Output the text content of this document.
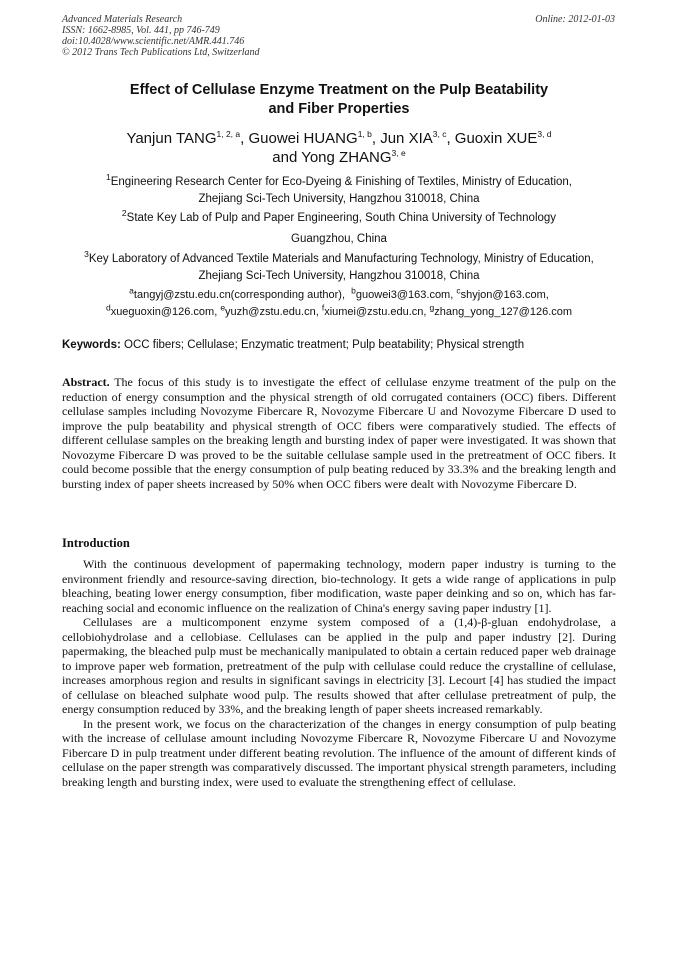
Advanced Materials Research
ISSN: 1662-8985, Vol. 441, pp 746-749
doi:10.4028/www.scientific.net/AMR.441.746
© 2012 Trans Tech Publications Ltd, Switzerland
Online: 2012-01-03
Effect of Cellulase Enzyme Treatment on the Pulp Beatability
and Fiber Properties
Yanjun TANG$^{1, 2, a}$, Guowei HUANG$^{1, b}$, Jun XIA$^{3, c}$, Guoxin XUE$^{3, d}$
and Yong ZHANG$^{3, e}$
$^1$Engineering Research Center for Eco-Dyeing & Finishing of Textiles, Ministry of Education,
Zhejiang Sci-Tech University, Hangzhou 310018, China
$^2$State Key Lab of Pulp and Paper Engineering, South China University of Technology
Guangzhou, China
$^3$Key Laboratory of Advanced Textile Materials and Manufacturing Technology, Ministry of Education,
Zhejiang Sci-Tech University, Hangzhou 310018, China
$^a$tangyj@zstu.edu.cn(corresponding author), $^b$guowei3@163.com, $^c$shyjon@163.com,
$^d$xueguoxin@126.com, $^e$yuzh@zstu.edu.cn, $^f$xiumei@zstu.edu.cn, $^g$zhang_yong_127@126.com
Keywords: OCC fibers; Cellulase; Enzymatic treatment; Pulp beatability; Physical strength

Abstract. The focus of this study is to investigate the effect of cellulase enzyme treatment of the pulp on the reduction of energy consumption and the physical strength of old corrugated containers (OCC) fibers. Different cellulase samples including Novozyme Fibercare R, Novozyme Fibercare U and Novozyme Fibercare D used to improve the pulp beatability and physical strength of OCC fibers were comparatively studied. The effects of different cellulase samples on the breaking length and bursting index of paper were investigated. It was shown that Novozyme Fibercare D was proved to be the suitable cellulase sample used in the pretreatment of OCC fibers. It could become possible that the energy consumption of pulp beating reduced by 33.3% and the breaking length and bursting index of paper sheets increased by 50% when OCC fibers were dealt with Novozyme Fibercare D.

Introduction

With the continuous development of papermaking technology, modern paper industry is turning to the environment friendly and resource-saving direction, bio-technology. It gets a wide range of applications in pulp bleaching, beating lower energy consumption, fiber modification, waste paper deinking and so on, which has far-reaching social and economic influence on the realization of China's energy saving paper industry [1].

Cellulases are a multicomponent enzyme system composed of a (1,4)-β-gluan endohydrolase, a cellobiohydrolase and a cellobiase. Cellulases can be applied in the pulp and paper industry [2]. During papermaking, the bleached pulp must be mechanically manipulated to obtain a certain reduced paper web drainage to improve paper web formation, pretreatment of the pulp with cellulase could reduce the crystalline of cellulase, increases amorphous region and results in significant savings in electricity [3]. Lecourt [4] has studied the impact of cellulase on bleached sulphate wood pulp. The results showed that after cellulase pretreatment of pulp, the energy consumption reduced by 33%, and the breaking length of paper sheets increased remarkably.

In the present work, we focus on the characterization of the changes in energy consumption of pulp beating with the increase of cellulase amount including Novozyme Fibercare R, Novozyme Fibercare U and Novozyme Fibercare D in pulp treatment under different beating revolution. The influence of the amount of different kinds of cellulase on the paper strength was comparatively discussed. The important physical strength parameters, including breaking length and bursting index, were used to evaluate the strengthening effect of cellulase.
